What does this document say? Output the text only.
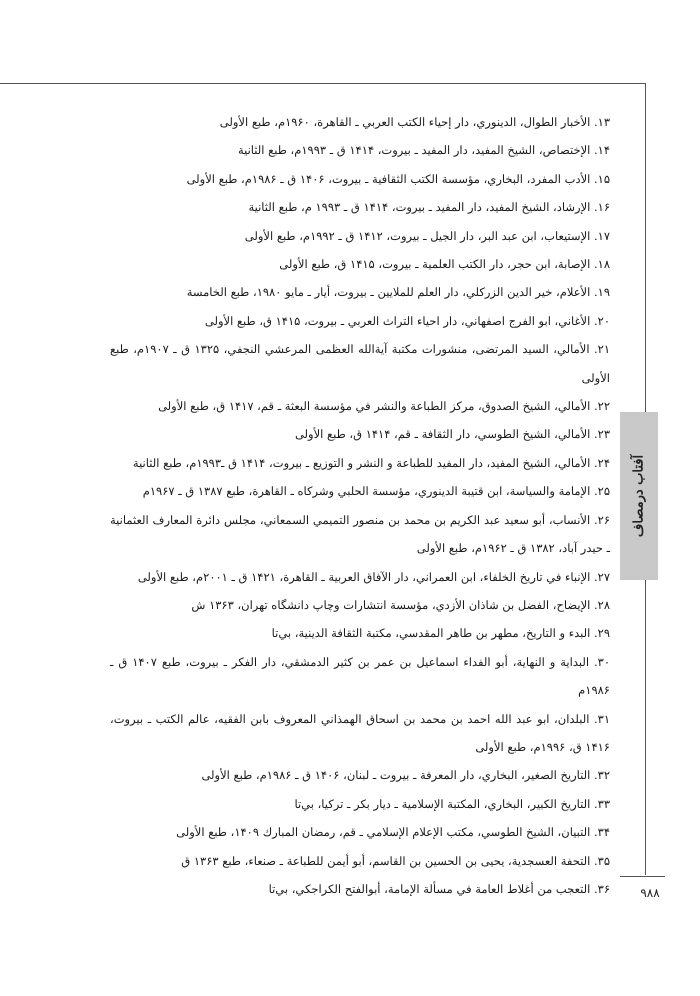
آفتاب درمصاف
۹۸۸

۱۳. الأخبار الطوال، الدينوري، دار إحياء الكتب العربي ـ القاهرة، ۱۹۶۰م، طبع الأولى

۱۴. الإختصاص، الشيخ المفيد، دار المفيد ـ بيروت، ۱۴۱۴ ق ـ ۱۹۹۳م، طبع الثانية

۱۵. الأدب المفرد، البخاري، مؤسسة الكتب الثقافية ـ بيروت، ۱۴۰۶ ق ـ ۱۹۸۶م، طبع الأولى

۱۶. الإرشاد، الشيخ المفيد، دار المفيد ـ بيروت، ۱۴۱۴ ق ـ ۱۹۹۳ م، طبع الثانية

۱۷. الإستيعاب، ابن عبد البر، دار الجيل ـ بيروت، ۱۴۱۲ ق ـ ۱۹۹۲م، طبع الأولى

۱۸. الإصابة، ابن حجر، دار الكتب العلمية ـ بيروت، ۱۴۱۵ ق، طبع الأولى

۱۹. الأعلام، خير الدين الزركلي، دار العلم للملايين ـ بيروت، أيار ـ مايو ۱۹۸۰، طبع الخامسة

۲۰. الأغاني، ابو الفرج اصفهاني، دار احياء التراث العربي ـ بيروت، ۱۴۱۵ ق، طبع الأولى

۲۱. الأمالي، السيد المرتضى، منشورات مكتبة آية‌الله العظمى المرعشي النجفي، ۱۳۲۵ ق ـ ۱۹۰۷م، طبع الأولى

۲۲. الأمالي، الشيخ الصدوق، مركز الطباعة والنشر في مؤسسة البعثة ـ قم، ۱۴۱۷ ق، طبع الأولى

۲۳. الأمالي، الشيخ الطوسي، دار الثقافة ـ قم، ۱۴۱۴ ق، طبع الأولى

۲۴. الأمالي، الشيخ المفيد، دار المفيد للطباعة و النشر و التوزيع ـ بيروت، ۱۴۱۴ ق ـ۱۹۹۳م، طبع الثانية

۲۵. الإمامة والسياسة، ابن قتيبة الدينوري، مؤسسة الحلبي وشركاه ـ القاهرة، طبع ۱۳۸۷ ق ـ ۱۹۶۷م

۲۶. الأنساب، أبو سعيد عبد الكريم بن محمد بن منصور التميمي السمعاني، مجلس دائرة المعارف العثمانية ـ حيدر آباد، ۱۳۸۲ ق ـ ۱۹۶۲م، طبع الأولى

۲۷. الإنباء في تاريخ الخلفاء، ابن العمراني، دار الآفاق العربية ـ القاهرة، ۱۴۲۱ ق ـ ۲۰۰۱م، طبع الأولى

۲۸. الإيضاح، الفضل بن شاذان الأزدي، مؤسسة انتشارات وچاپ دانشگاه تهران، ۱۳۶۳ ش

۲۹. البدء و التاريخ، مطهر بن طاهر المقدسي، مكتبة الثقافة الدينية، بي‌تا

۳۰. البداية و النهاية، أبو الفداء اسماعيل بن عمر بن كثير الدمشقي، دار الفكر ـ بيروت، طبع ۱۴۰۷ ق ـ ۱۹۸۶م

۳۱. البلدان، ابو عبد الله احمد بن محمد بن اسحاق الهمذاني المعروف بابن الفقيه، عالم الكتب ـ بيروت، ۱۴۱۶ ق، ۱۹۹۶م، طبع الأولى

۳۲. التاريخ الصغير، البخاري، دار المعرفة ـ بيروت ـ لبنان، ۱۴۰۶ ق ـ ۱۹۸۶م، طبع الأولى

۳۳. التاريخ الكبير، البخاري، المكتبة الإسلامية ـ ديار بكر ـ تركيا، بي‌تا

۳۴. التبيان، الشيخ الطوسي، مكتب الإعلام الإسلامي ـ قم، رمضان المبارك ۱۴۰۹، طبع الأولى

۳۵. التحفة العسجدية، يحيى بن الحسين بن القاسم، أبو أيمن للطباعة ـ صنعاء، طبع ۱۳۶۳ ق

۳۶. التعجب من أغلاط العامة في مسألة الإمامة، أبوالفتح الكراجكي، بي‌تا
